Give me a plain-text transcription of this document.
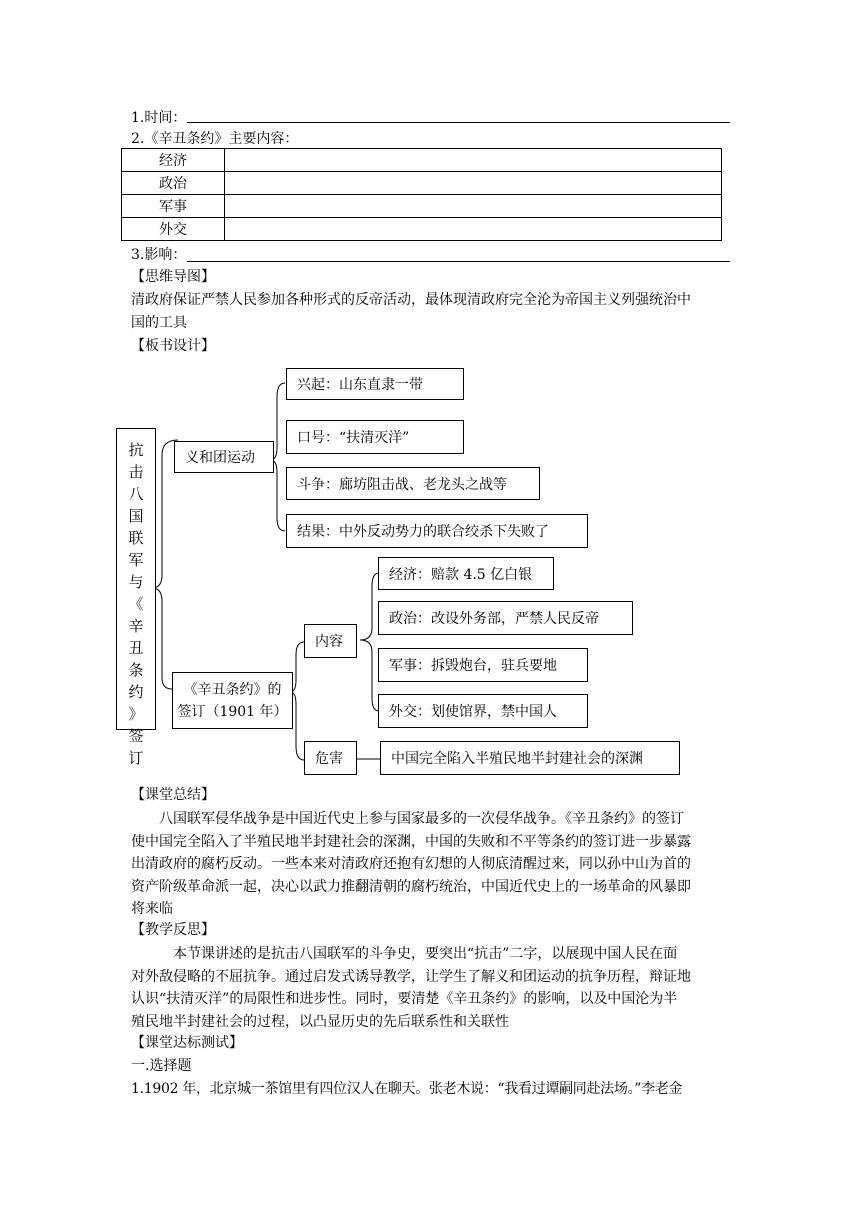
1.时间：
2.《辛丑条约》主要内容：
经济	
政治	
军事	
外交	
3.影响：
【思维导图】
清政府保证严禁人民参加各种形式的反帝活动，最体现清政府完全沦为帝国主义列强统治中
国的工具
【板书设计】
抗
击
八
国
联
军
与
《
辛
丑
条
约
》
签
订
义和团运动
兴起：山东直隶一带
口号：“扶清灭洋”
斗争：廊坊阻击战、老龙头之战等
结果：中外反动势力的联合绞杀下失败了
《辛丑条约》的
签订（1901 年）
内容
经济：赔款 4.5 亿白银
政治：改设外务部，严禁人民反帝
军事：拆毁炮台，驻兵要地
外交：划使馆界，禁中国人
危害	中国完全陷入半殖民地半封建社会的深渊
【课堂总结】
八国联军侵华战争是中国近代史上参与国家最多的一次侵华战争。《辛丑条约》的签订
使中国完全陷入了半殖民地半封建社会的深渊，中国的失败和不平等条约的签订进一步暴露
出清政府的腐朽反动。一些本来对清政府还抱有幻想的人彻底清醒过来，同以孙中山为首的
资产阶级革命派一起，决心以武力推翻清朝的腐朽统治，中国近代史上的一场革命的风暴即
将来临
【教学反思】
本节课讲述的是抗击八国联军的斗争史，要突出“抗击”二字，以展现中国人民在面
对外敌侵略的不屈抗争。通过启发式诱导教学，让学生了解义和团运动的抗争历程，辩证地
认识“扶清灭洋”的局限性和进步性。同时，要清楚《辛丑条约》的影响，以及中国沦为半
殖民地半封建社会的过程，以凸显历史的先后联系性和关联性
【课堂达标测试】
一.选择题
1.1902 年，北京城一茶馆里有四位汉人在聊天。张老木说：“我看过谭嗣同赴法场。”李老金
